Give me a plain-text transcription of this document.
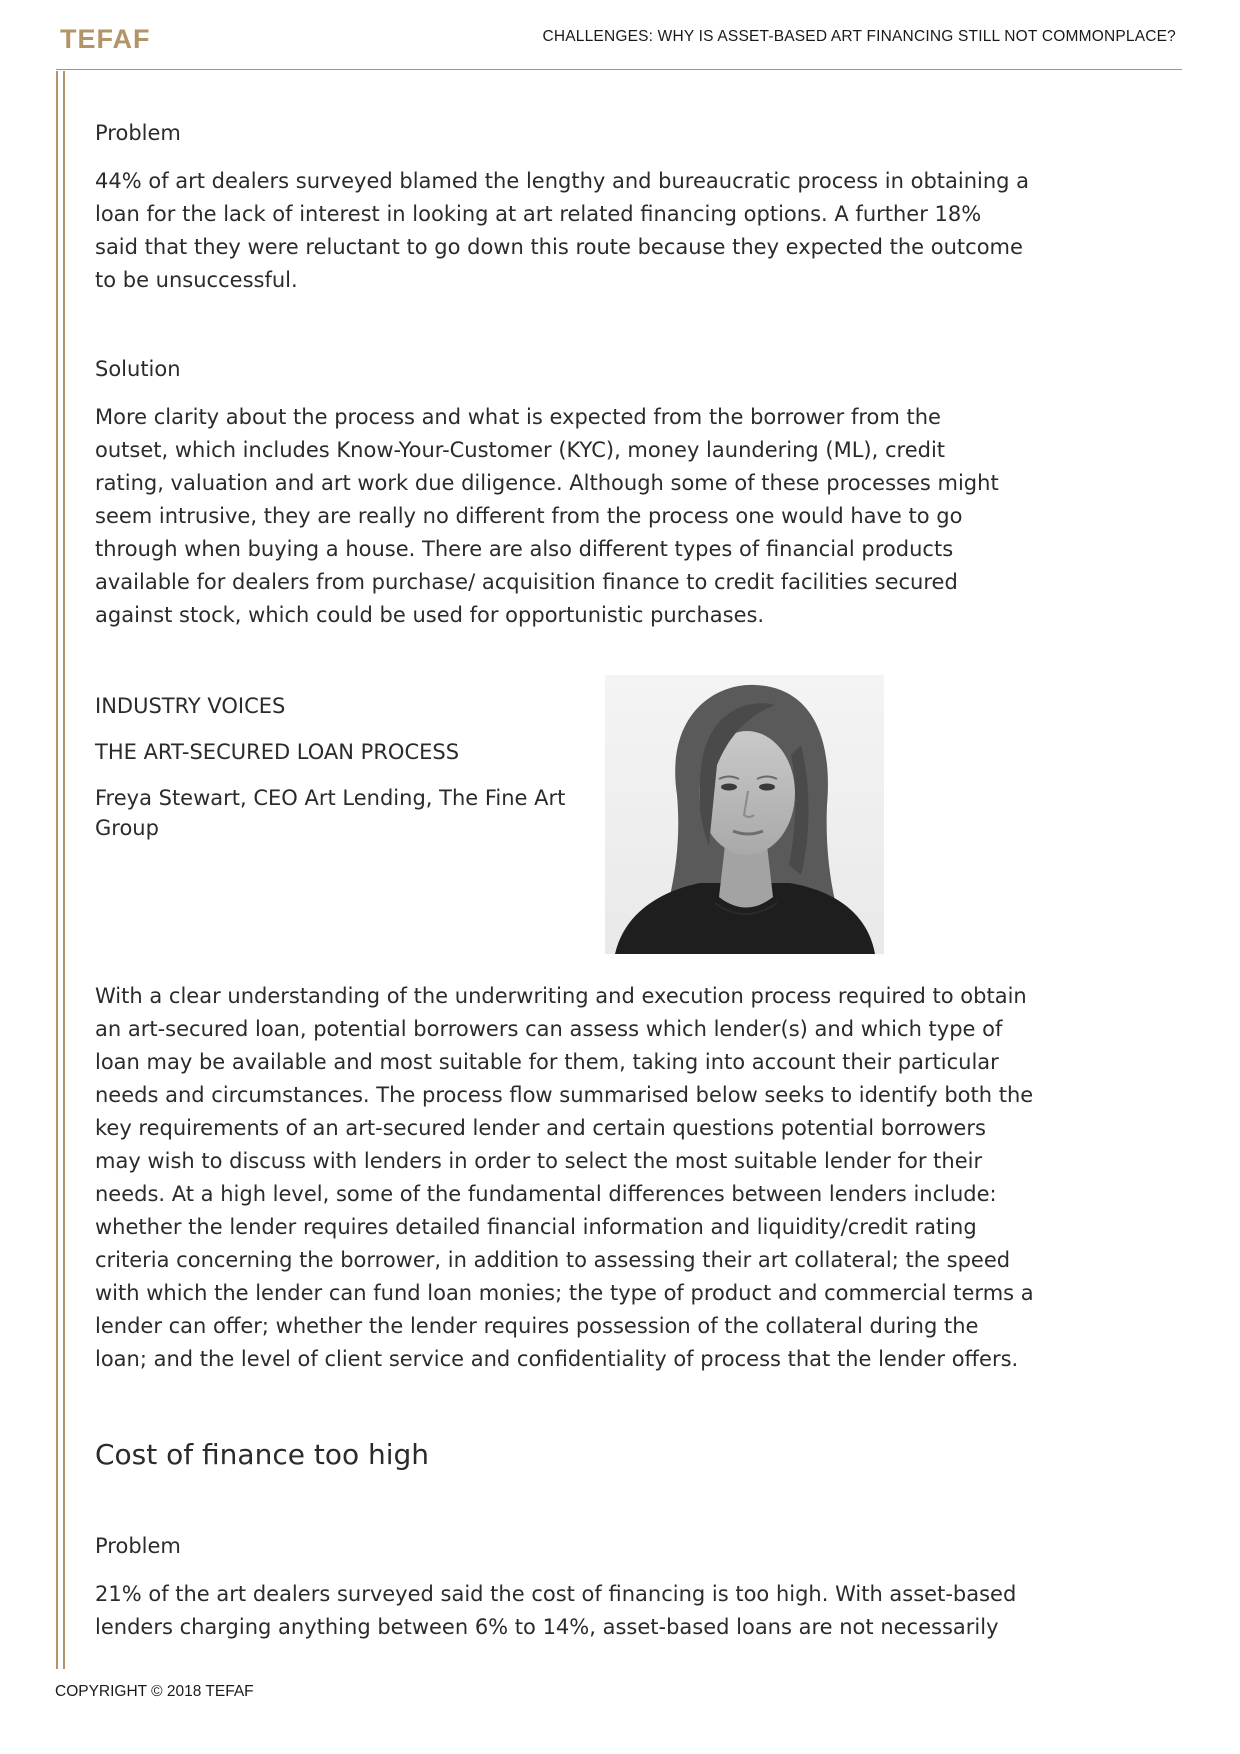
TEFAF	CHALLENGES: WHY IS ASSET-BASED ART FINANCING STILL NOT COMMONPLACE?
Problem

44% of art dealers surveyed blamed the lengthy and bureaucratic process in obtaining a loan for the lack of interest in looking at art related financing options. A further 18% said that they were reluctant to go down this route because they expected the outcome to be unsuccessful.

Solution

More clarity about the process and what is expected from the borrower from the outset, which includes Know-Your-Customer (KYC), money laundering (ML), credit rating, valuation and art work due diligence. Although some of these processes might seem intrusive, they are really no different from the process one would have to go through when buying a house. There are also different types of financial products available for dealers from purchase/ acquisition finance to credit facilities secured against stock, which could be used for opportunistic purchases.

INDUSTRY VOICES
THE ART-SECURED LOAN PROCESS
Freya Stewart, CEO Art Lending, The Fine Art Group

With a clear understanding of the underwriting and execution process required to obtain an art-secured loan, potential borrowers can assess which lender(s) and which type of loan may be available and most suitable for them, taking into account their particular needs and circumstances. The process flow summarised below seeks to identify both the key requirements of an art-secured lender and certain questions potential borrowers may wish to discuss with lenders in order to select the most suitable lender for their needs. At a high level, some of the fundamental differences between lenders include: whether the lender requires detailed financial information and liquidity/credit rating criteria concerning the borrower, in addition to assessing their art collateral; the speed with which the lender can fund loan monies; the type of product and commercial terms a lender can offer; whether the lender requires possession of the collateral during the loan; and the level of client service and confidentiality of process that the lender offers.

Cost of finance too high
Problem

21% of the art dealers surveyed said the cost of financing is too high. With asset-based lenders charging anything between 6% to 14%, asset-based loans are not necessarily

COPYRIGHT © 2018 TEFAF
